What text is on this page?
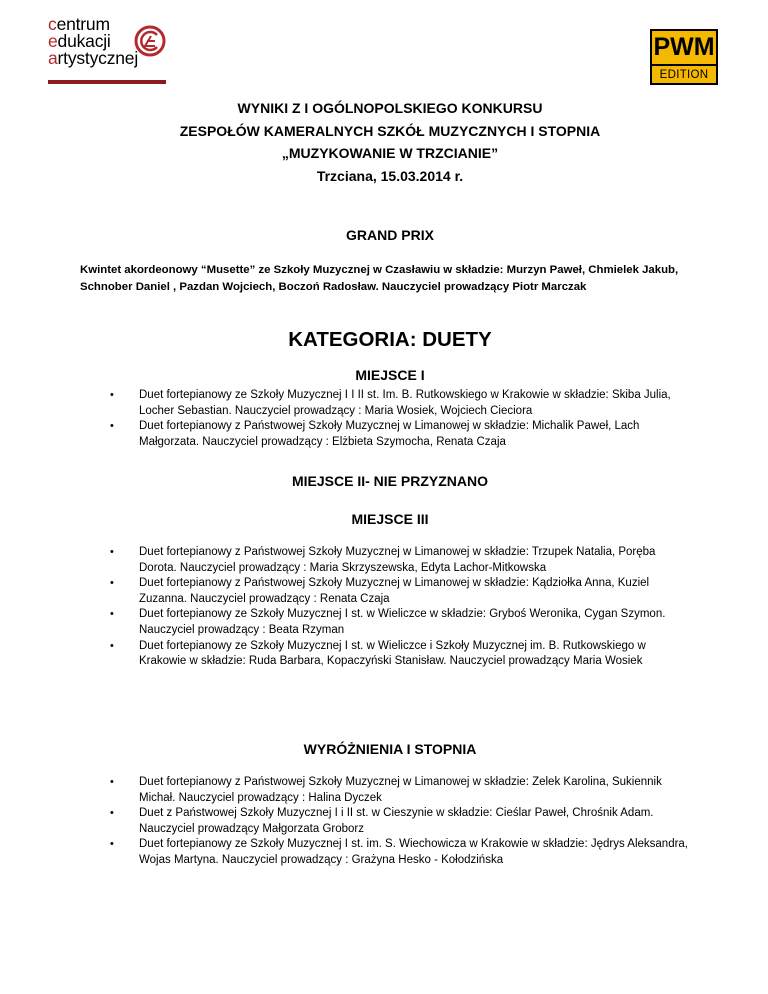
centrum
edukacji
artystycznej	PWM
EDITION
WYNIKI Z I OGÓLNOPOLSKIEGO KONKURSU
ZESPOŁÓW KAMERALNYCH SZKÓŁ MUZYCZNYCH I STOPNIA
„MUZYKOWANIE W TRZCIANIE”
Trzciana, 15.03.2014 r.
GRAND PRIX
Kwintet akordeonowy “Musette” ze Szkoły Muzycznej w Czasławiu w składzie: Murzyn Paweł, Chmielek Jakub, Schnober Daniel , Pazdan Wojciech, Boczoń Radosław. Nauczyciel prowadzący Piotr Marczak
KATEGORIA: DUETY
MIEJSCE I
• Duet fortepianowy ze Szkoły Muzycznej I I II st. Im. B. Rutkowskiego w Krakowie w składzie: Skiba Julia, Locher Sebastian. Nauczyciel prowadzący : Maria Wosiek, Wojciech Cieciora
• Duet fortepianowy z Państwowej Szkoły Muzycznej w Limanowej w składzie: Michalik Paweł, Lach Małgorzata. Nauczyciel prowadzący : Elżbieta Szymocha, Renata Czaja
MIEJSCE II- NIE PRZYZNANO
MIEJSCE III
• Duet fortepianowy z Państwowej Szkoły Muzycznej w Limanowej w składzie: Trzupek Natalia, Poręba Dorota. Nauczyciel prowadzący : Maria Skrzyszewska, Edyta Lachor-Mitkowska
• Duet fortepianowy z Państwowej Szkoły Muzycznej w Limanowej w składzie: Kądziołka Anna, Kuziel Zuzanna. Nauczyciel prowadzący : Renata Czaja
• Duet fortepianowy ze Szkoły Muzycznej I st. w Wieliczce w składzie: Gryboś Weronika, Cygan Szymon. Nauczyciel prowadzący : Beata Rzyman
• Duet fortepianowy ze Szkoły Muzycznej I st. w Wieliczce i Szkoły Muzycznej im. B. Rutkowskiego w Krakowie w składzie: Ruda Barbara, Kopaczyński Stanisław. Nauczyciel prowadzący Maria Wosiek
WYRÓŻNIENIA I STOPNIA
• Duet fortepianowy z Państwowej Szkoły Muzycznej w Limanowej w składzie: Zelek Karolina, Sukiennik Michał. Nauczyciel prowadzący : Halina Dyczek
• Duet z Państwowej Szkoły Muzycznej I i II st. w Cieszynie w składzie: Cieślar Paweł, Chrośnik Adam. Nauczyciel prowadzący Małgorzata Groborz
• Duet fortepianowy ze Szkoły Muzycznej I st. im. S. Wiechowicza w Krakowie w składzie: Jędrys Aleksandra, Wojas Martyna. Nauczyciel prowadzący : Grażyna Hesko - Kołodzińska
